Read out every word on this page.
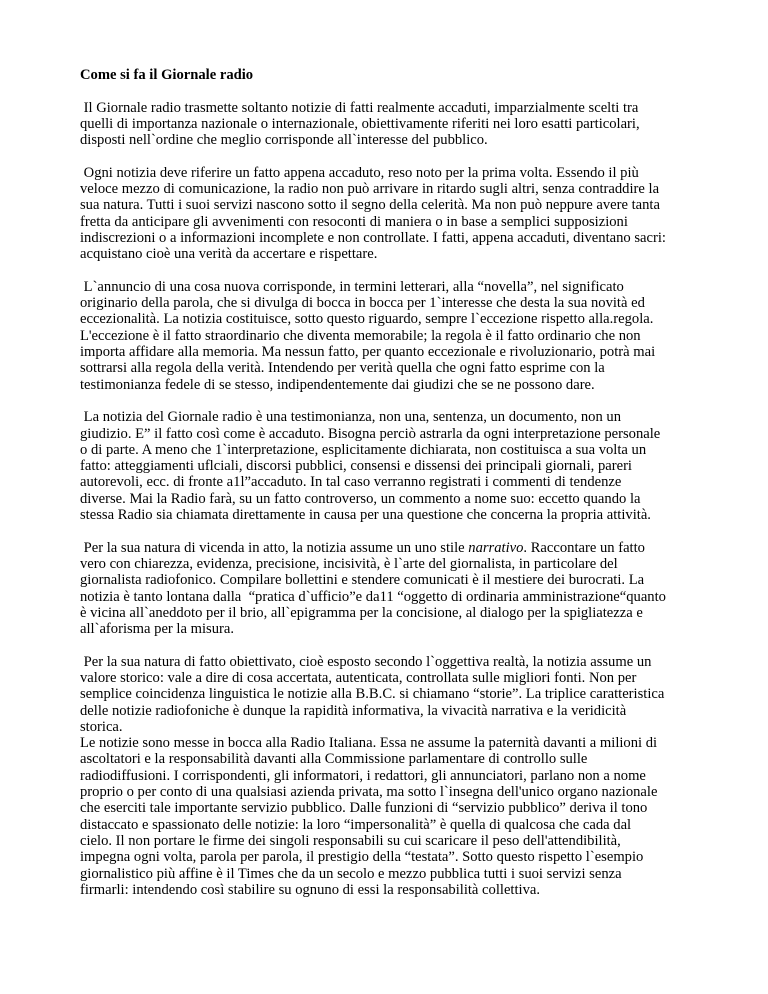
Come si fa il Giornale radio
Il Giornale radio trasmette soltanto notizie di fatti realmente accaduti, imparzialmente scelti tra
quelli di importanza nazionale o internazionale, obiettivamente riferiti nei loro esatti particolari,
disposti nell`ordine che meglio corrisponde all`interesse del pubblico.
Ogni notizia deve riferire un fatto appena accaduto, reso noto per la prima volta. Essendo il più
veloce mezzo di comunicazione, la radio non può arrivare in ritardo sugli altri, senza contraddire la
sua natura. Tutti i suoi servizi nascono sotto il segno della celerità. Ma non può neppure avere tanta
fretta da anticipare gli avvenimenti con resoconti di maniera o in base a semplici supposizioni
indiscrezioni o a informazioni incomplete e non controllate. I fatti, appena accaduti, diventano sacri:
acquistano cioè una verità da accertare e rispettare.
L`annuncio di una cosa nuova corrisponde, in termini letterari, alla “novella”, nel significato
originario della parola, che si divulga di bocca in bocca per 1`interesse che desta la sua novità ed
eccezionalità. La notizia costituisce, sotto questo riguardo, sempre l`eccezione rispetto alla.regola.
L'eccezione è il fatto straordinario che diventa memorabile; la regola è il fatto ordinario che non
importa affidare alla memoria. Ma nessun fatto, per quanto eccezionale e rivoluzionario, potrà mai
sottrarsi alla regola della verità. Intendendo per verità quella che ogni fatto esprime con la
testimonianza fedele di se stesso, indipendentemente dai giudizi che se ne possono dare.
La notizia del Giornale radio è una testimonianza, non una, sentenza, un documento, non un
giudizio. E” il fatto così come è accaduto. Bisogna perciò astrarla da ogni interpretazione personale
o di parte. A meno che 1`interpretazione, esplicitamente dichiarata, non costituisca a sua volta un
fatto: atteggiamenti uflciali, discorsi pubblici, consensi e dissensi dei principali giornali, pareri
autorevoli, ecc. di fronte a1l”accaduto. In tal caso verranno registrati i commenti di tendenze
diverse. Mai la Radio farà, su un fatto controverso, un commento a nome suo: eccetto quando la
stessa Radio sia chiamata direttamente in causa per una questione che concerna la propria attività.
Per la sua natura di vicenda in atto, la notizia assume un uno stile narrativo. Raccontare un fatto
vero con chiarezza, evidenza, precisione, incisività, è l`arte del giornalista, in particolare del
giornalista radiofonico. Compilare bollettini e stendere comunicati è il mestiere dei burocrati. La
notizia è tanto lontana dalla  “pratica d`ufficio”e da11 “oggetto di ordinaria amministrazione“quanto
è vicina all`aneddoto per il brio, all`epigramma per la concisione, al dialogo per la spigliatezza e
all`aforisma per la misura.
Per la sua natura di fatto obiettivato, cioè esposto secondo l`oggettiva realtà, la notizia assume un
valore storico: vale a dire di cosa accertata, autenticata, controllata sulle migliori fonti. Non per
semplice coincidenza linguistica le notizie alla B.B.C. si chiamano “storie”. La triplice caratteristica
delle notizie radiofoniche è dunque la rapidità informativa, la vivacità narrativa e la veridicità
storica.
Le notizie sono messe in bocca alla Radio Italiana. Essa ne assume la paternità davanti a milioni di
ascoltatori e la responsabilità davanti alla Commissione parlamentare di controllo sulle
radiodiffusioni. I corrispondenti, gli informatori, i redattori, gli annunciatori, parlano non a nome
proprio o per conto di una qualsiasi azienda privata, ma sotto l`insegna dell'unico organo nazionale
che eserciti tale importante servizio pubblico. Dalle funzioni di “servizio pubblico” deriva il tono
distaccato e spassionato delle notizie: la loro “impersonalità” è quella di qualcosa che cada dal
cielo. Il non portare le firme dei singoli responsabili su cui scaricare il peso dell'attendibilità,
impegna ogni volta, parola per parola, il prestigio della “testata”. Sotto questo rispetto l`esempio
giornalistico più affine è il Times che da un secolo e mezzo pubblica tutti i suoi servizi senza
firmarli: intendendo così stabilire su ognuno di essi la responsabilità collettiva.
